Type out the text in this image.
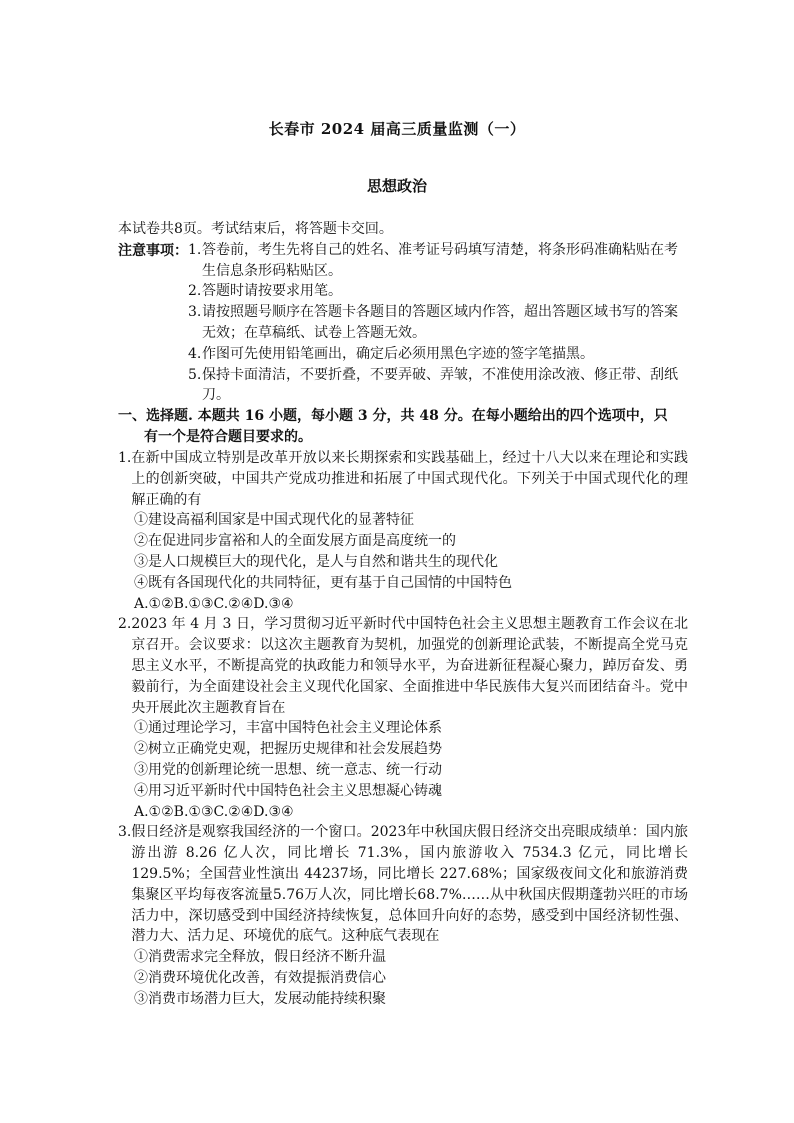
长春市 2024 届高三质量监测（一）
思想政治
本试卷共8页。考试结束后，将答题卡交回。
注意事项： 1. 答卷前，考生先将自己的姓名、准考证号码填写清楚，将条形码准确粘贴在考生信息条形码粘贴区。
2. 答题时请按要求用笔。
3. 请按照题号顺序在答题卡各题目的答题区域内作答，超出答题区域书写的答案无效；在草稿纸、试卷上答题无效。
4. 作图可先使用铅笔画出，确定后必须用黑色字迹的签字笔描黑。
5. 保持卡面清洁，不要折叠，不要弄破、弄皱，不准使用涂改液、修正带、刮纸刀。
一、选择题. 本题共 16 小题，每小题 3 分，共 48 分。在每小题给出的四个选项中，只
有一个是符合题目要求的。
1. 在新中国成立特别是改革开放以来长期探索和实践基础上，经过十八大以来在理论和实践上的创新突破，中国共产党成功推进和拓展了中国式现代化。下列关于中国式现代化的理解正确的有
①建设高福利国家是中国式现代化的显著特征
②在促进同步富裕和人的全面发展方面是高度统一的
③是人口规模巨大的现代化，是人与自然和谐共生的现代化
④既有各国现代化的共同特征，更有基于自己国情的中国特色
A.①②B.①③C.②④D.③④
2. 2023 年 4 月 3 日，学习贯彻习近平新时代中国特色社会主义思想主题教育工作会议在北京召开。会议要求：以这次主题教育为契机，加强党的创新理论武装，不断提高全党马克思主义水平，不断提高党的执政能力和领导水平，为奋进新征程凝心聚力，踔厉奋发、勇毅前行，为全面建设社会主义现代化国家、全面推进中华民族伟大复兴而团结奋斗。党中央开展此次主题教育旨在
①通过理论学习，丰富中国特色社会主义理论体系
②树立正确党史观，把握历史规律和社会发展趋势
③用党的创新理论统一思想、统一意志、统一行动
④用习近平新时代中国特色社会主义思想凝心铸魂
A.①②B.①③C.②④D.③④
3. 假日经济是观察我国经济的一个窗口。2023年中秋国庆假日经济交出亮眼成绩单：国内旅游出游 8.26 亿人次，同比增长 71.3%，国内旅游收入 7534.3 亿元，同比增长 129.5%；全国营业性演出 44237场，同比增长 227.68%；国家级夜间文化和旅游消费集聚区平均每夜客流量5.76万人次，同比增长68.7%……从中秋国庆假期蓬勃兴旺的市场活力中，深切感受到中国经济持续恢复，总体回升向好的态势，感受到中国经济韧性强、潜力大、活力足、环境优的底气。这种底气表现在
①消费需求完全释放，假日经济不断升温
②消费环境优化改善，有效提振消费信心
③消费市场潜力巨大，发展动能持续积聚
